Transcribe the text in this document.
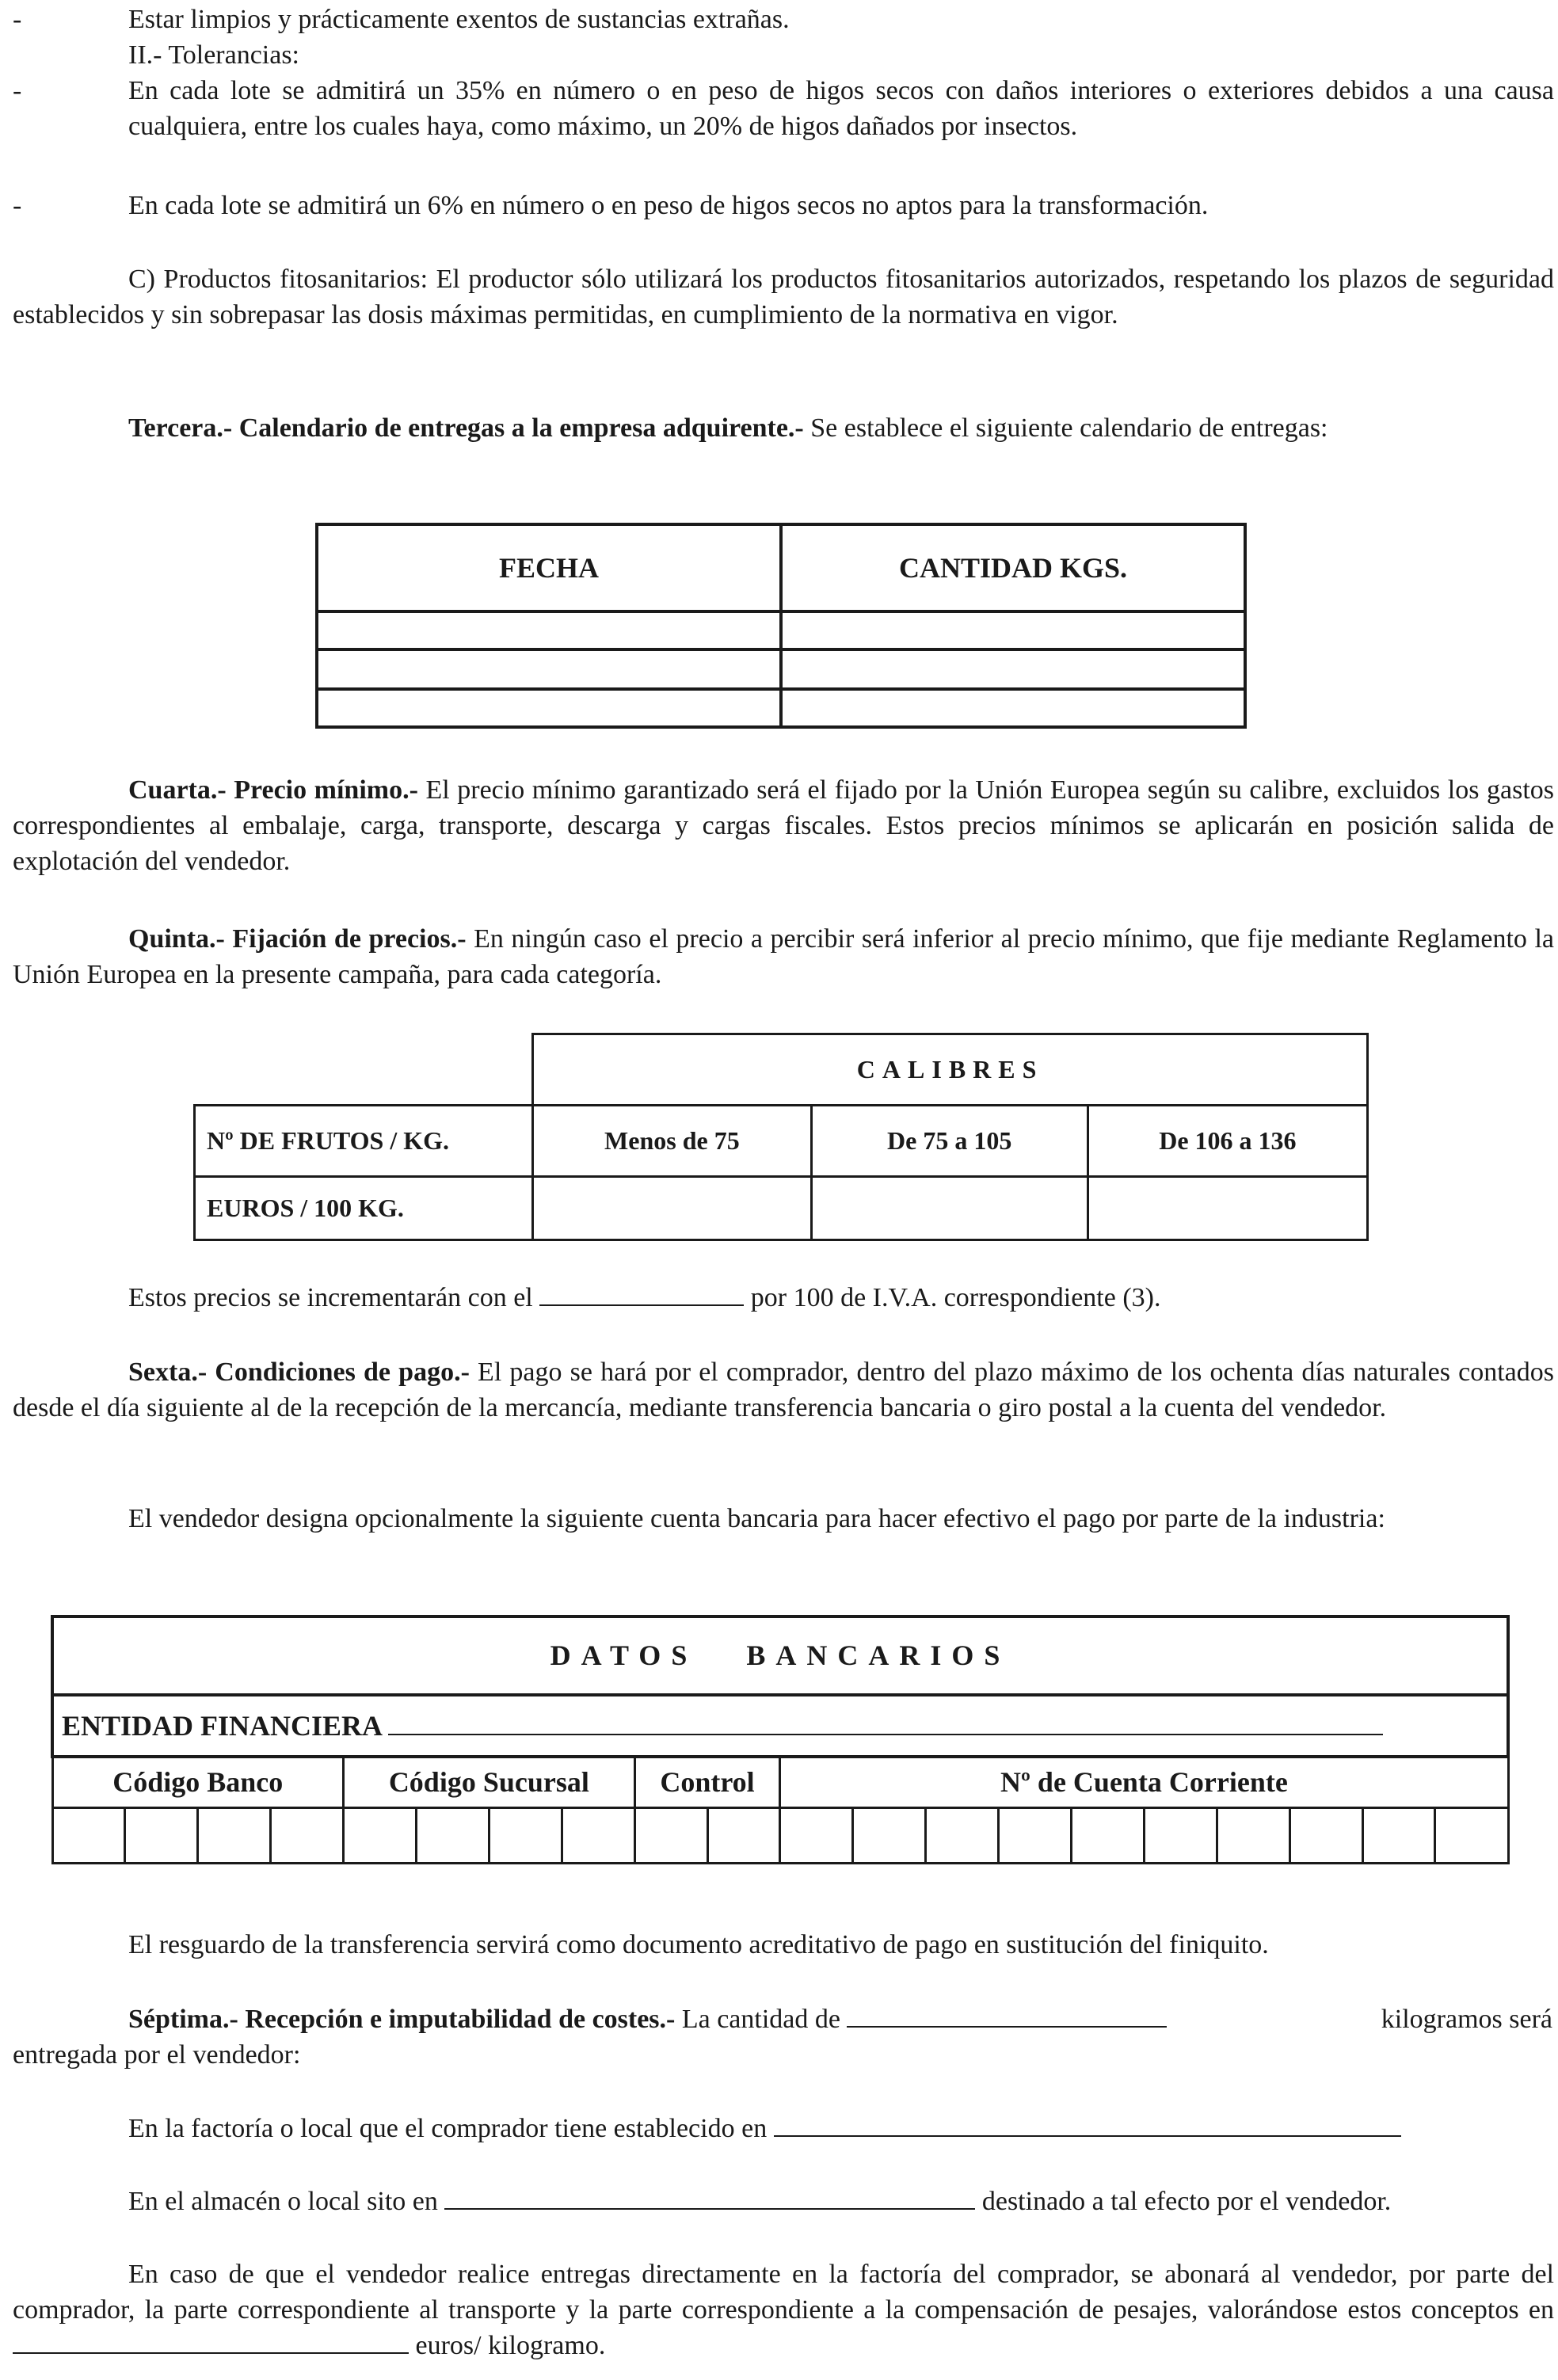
-	Estar limpios y prácticamente exentos de sustancias extrañas.
II.- Tolerancias:
-	En cada lote se admitirá un 35% en número o en peso de higos secos con daños interiores o exteriores debidos a una causa cualquiera, entre los cuales haya, como máximo, un 20% de higos dañados por insectos.
-	En cada lote se admitirá un 6% en número o en peso de higos secos no aptos para la transformación.
C) Productos fitosanitarios: El productor sólo utilizará los productos fitosanitarios autorizados, respetando los plazos de seguridad establecidos y sin sobrepasar las dosis máximas permitidas, en cumplimiento de la normativa en vigor.
Tercera.- Calendario de entregas a la empresa adquirente.- Se establece el siguiente calendario de entregas:
FECHA	CANTIDAD KGS.

Cuarta.- Precio mínimo.- El precio mínimo garantizado será el fijado por la Unión Europea según su calibre, excluidos los gastos correspondientes al embalaje, carga, transporte, descarga y cargas fiscales. Estos precios mínimos se aplicarán en posición salida de explotación del vendedor.
Quinta.- Fijación de precios.- En ningún caso el precio a percibir será inferior al precio mínimo, que fije mediante Reglamento la Unión Europea en la presente campaña, para cada categoría.
	CALIBRES		
Nº DE FRUTOS / KG.	Menos de 75	De 75 a 105	De 106 a 136
EUROS / 100 KG.			
Estos precios se incrementarán con el	por 100 de I.V.A. correspondiente (3).
Sexta.- Condiciones de pago.- El pago se hará por el comprador, dentro del plazo máximo de los ochenta días naturales contados desde el día siguiente al de la recepción de la mercancía, mediante transferencia bancaria o giro postal a la cuenta del vendedor.
El vendedor designa opcionalmente la siguiente cuenta bancaria para hacer efectivo el pago por parte de la industria:
DATOS BANCARIOS																			
ENTIDAD FINANCIERA																			
Código Banco				Código Sucursal				Control		Nº de Cuenta Corriente									

El resguardo de la transferencia servirá como documento acreditativo de pago en sustitución del finiquito.
Séptima.- Recepción e imputabilidad de costes.- La cantidad de	kilogramos será
entregada por el vendedor:
En la factoría o local que el comprador tiene establecido en
En el almacén o local sito en	destinado a tal efecto por el vendedor.
En caso de que el vendedor realice entregas directamente en la factoría del comprador, se abonará al vendedor, por parte del comprador, la parte correspondiente al transporte y la parte correspondiente a la compensación de pesajes, valorándose estos conceptos en  euros/ kilogramo.
